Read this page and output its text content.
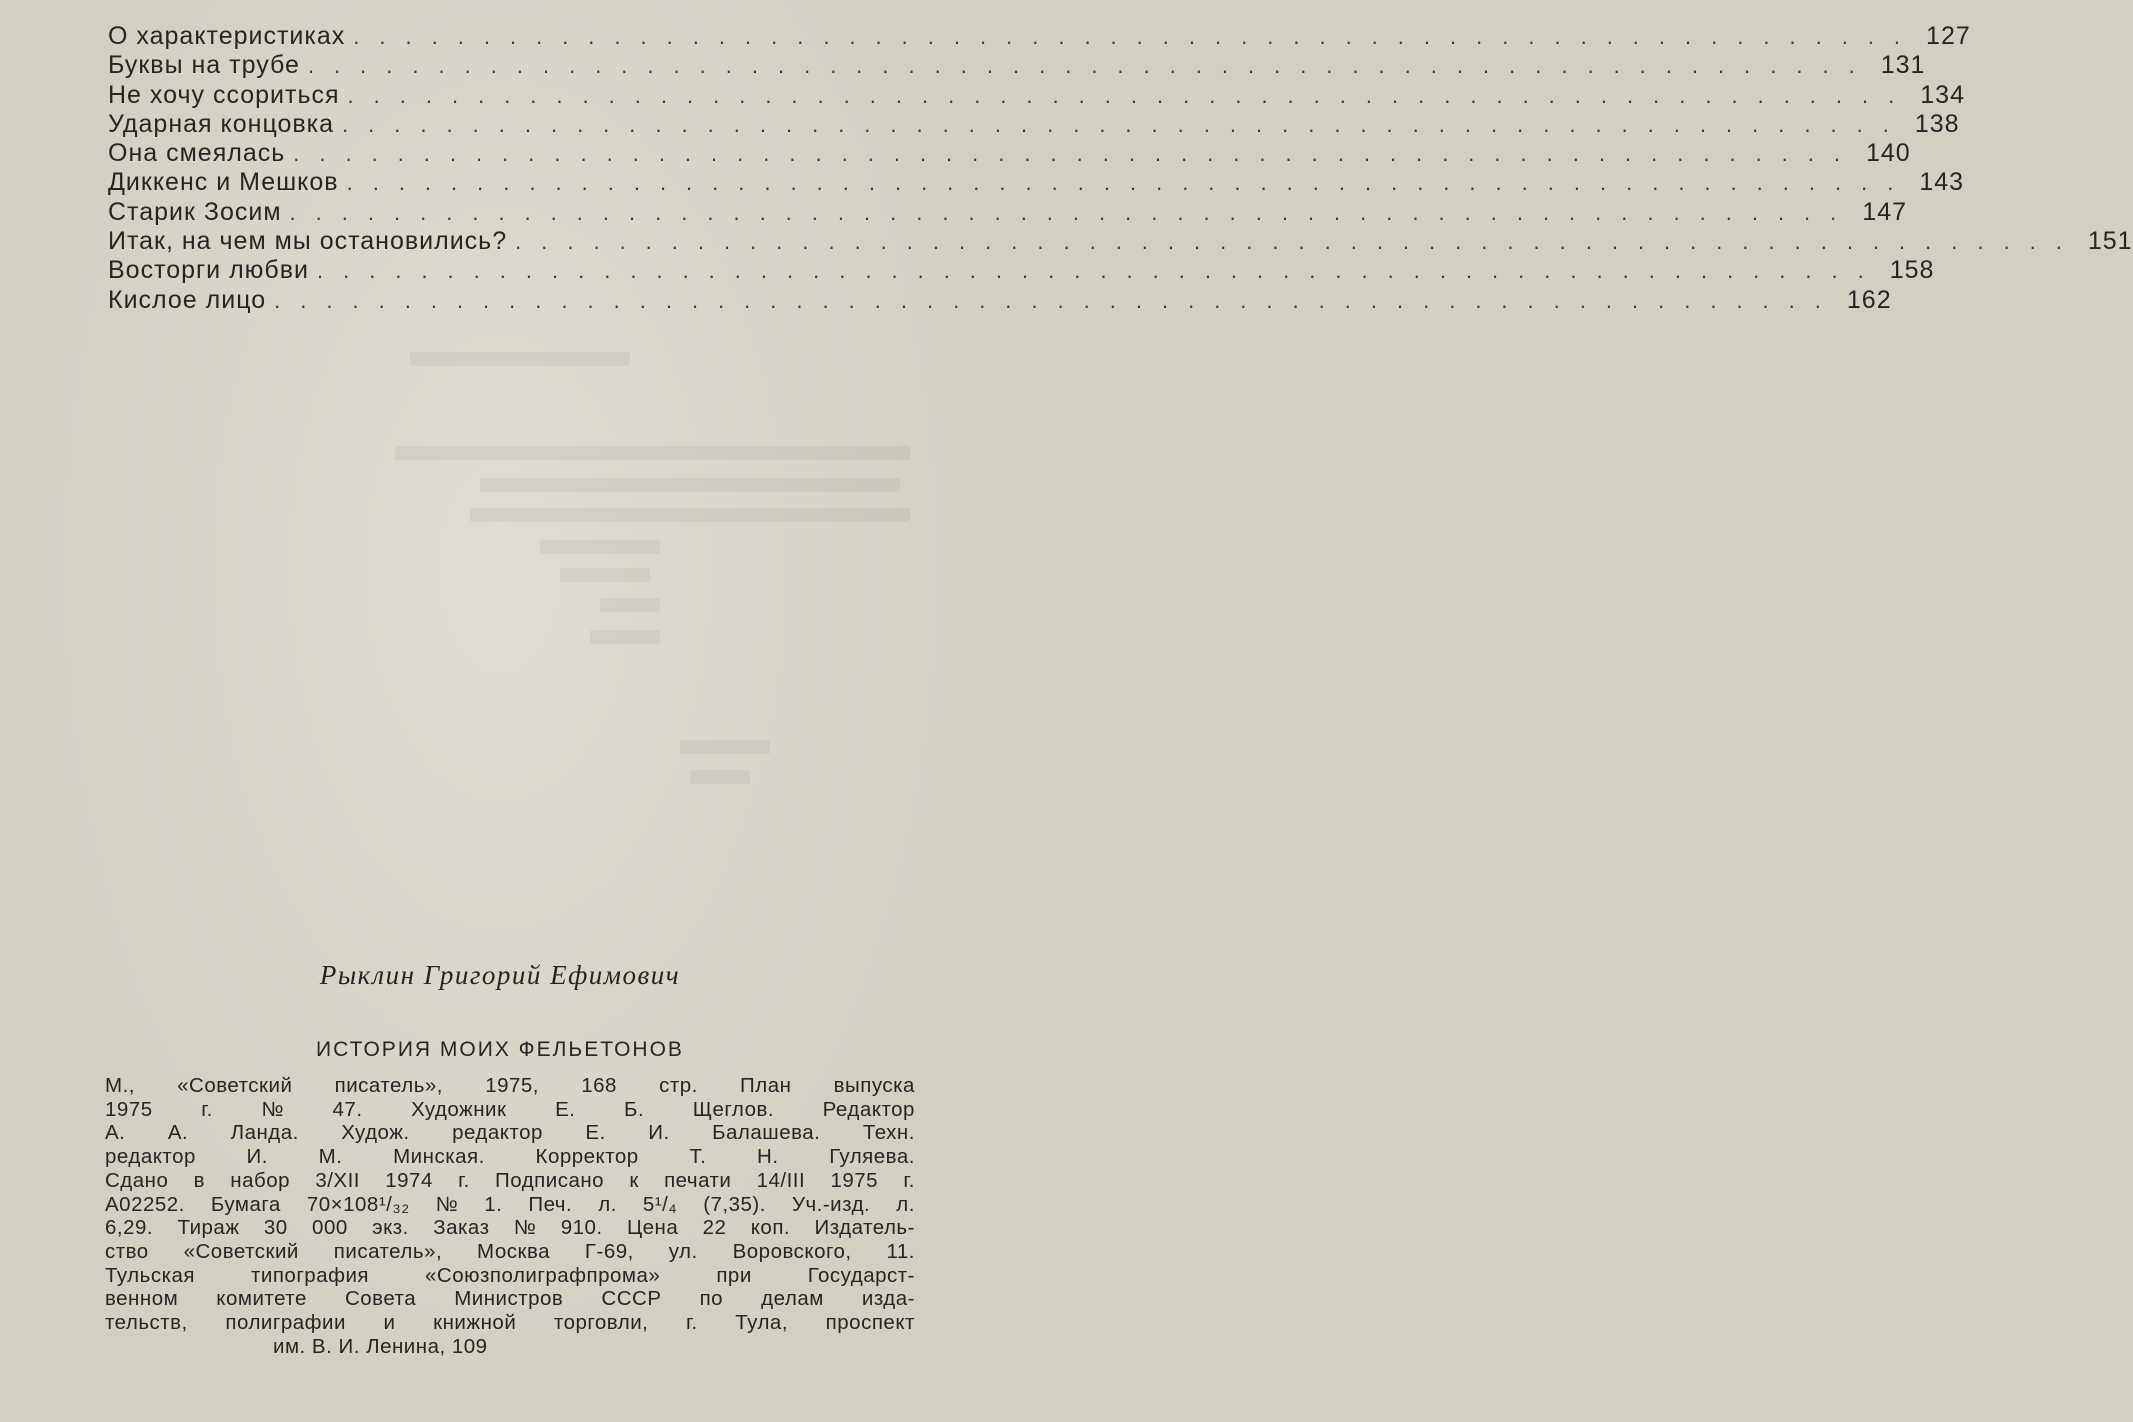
О характеристиках ............................................................ 127
Буквы на трубе ............................................................ 131
Не хочу ссориться ............................................................ 134
Ударная концовка ............................................................ 138
Она смеялась ............................................................ 140
Диккенс и Мешков ............................................................ 143
Старик Зосим ............................................................ 147
Итак, на чем мы остановились? ............................................................ 151
Восторги любви ............................................................ 158
Кислое лицо ............................................................ 162
Рыклин Григорий Ефимович
ИСТОРИЯ МОИХ ФЕЛЬЕТОНОВ
М., «Советский писатель», 1975, 168 стр. План выпуска
1975 г. № 47. Художник Е. Б. Щеглов. Редактор
А. А. Ланда. Худож. редактор Е. И. Балашева. Техн.
редактор И. М. Минская. Корректор Т. Н. Гуляева.
Сдано в набор 3/XII 1974 г. Подписано к печати 14/III 1975 г.
А02252. Бумага 70×108¹/₃₂ № 1. Печ. л. 5¹/₄ (7,35). Уч.-изд. л.
6,29. Тираж 30 000 экз. Заказ № 910. Цена 22 коп. Издатель-
ство «Советский писатель», Москва Г-69, ул. Воровского, 11.
Тульская	типография	«Союзполиграфпрома»	при	Государст-
венном комитете Совета Министров СССР по делам изда-
тельств, полиграфии и книжной торговли, г. Тула, проспект
им. В. И. Ленина, 109
